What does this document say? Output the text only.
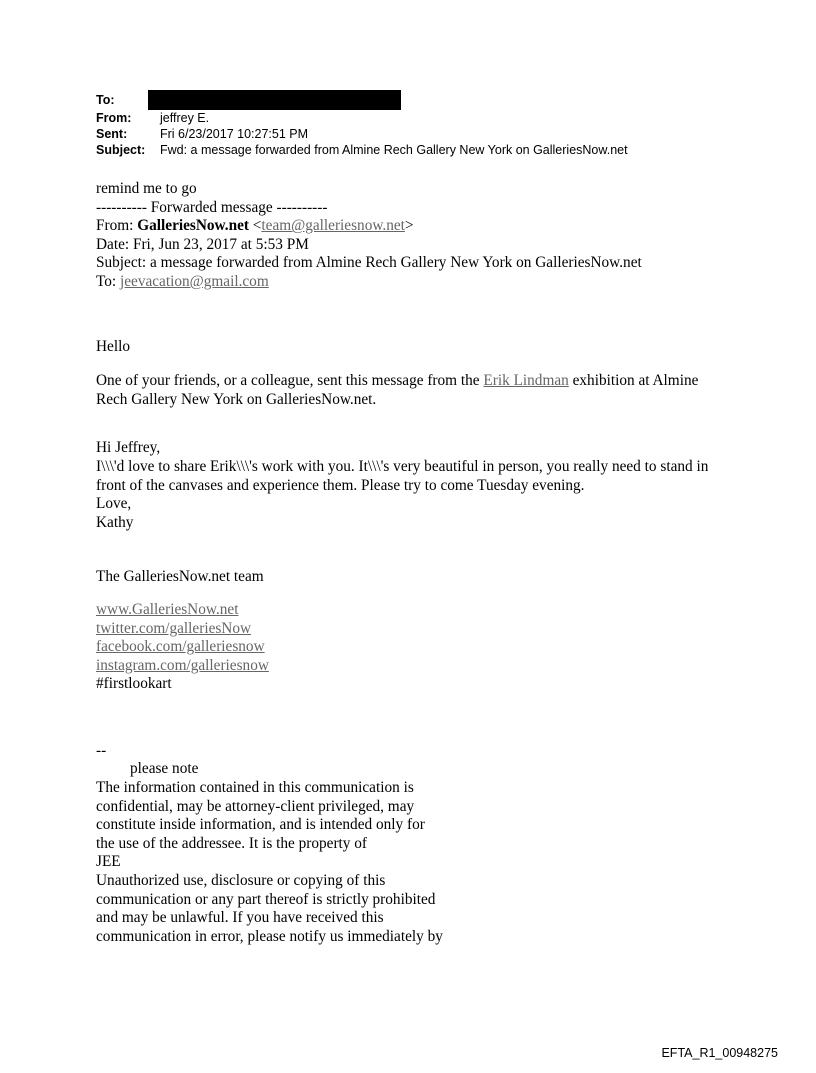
To:
From:	jeffrey E.
Sent:	Fri 6/23/2017 10:27:51 PM
Subject:	Fwd: a message forwarded from Almine Rech Gallery New York on GalleriesNow.net
remind me to go
---------- Forwarded message ----------
From: GalleriesNow.net <team@galleriesnow.net>
Date: Fri, Jun 23, 2017 at 5:53 PM
Subject: a message forwarded from Almine Rech Gallery New York on GalleriesNow.net
To: jeevacation@gmail.com
Hello
One of your friends, or a colleague, sent this message from the Erik Lindman exhibition at Almine Rech Gallery New York on GalleriesNow.net.
Hi Jeffrey,
I\\\'d love to share Erik\\\'s work with you. It\\\'s very beautiful in person, you really need to stand in front of the canvases and experience them. Please try to come Tuesday evening.
Love,
Kathy
The GalleriesNow.net team
www.GalleriesNow.net
twitter.com/galleriesNow
facebook.com/galleriesnow
instagram.com/galleriesnow
#firstlookart
--
please note
The information contained in this communication is
confidential, may be attorney-client privileged, may
constitute inside information, and is intended only for
the use of the addressee. It is the property of
JEE
Unauthorized use, disclosure or copying of this
communication or any part thereof is strictly prohibited
and may be unlawful. If you have received this
communication in error, please notify us immediately by
EFTA_R1_00948275
